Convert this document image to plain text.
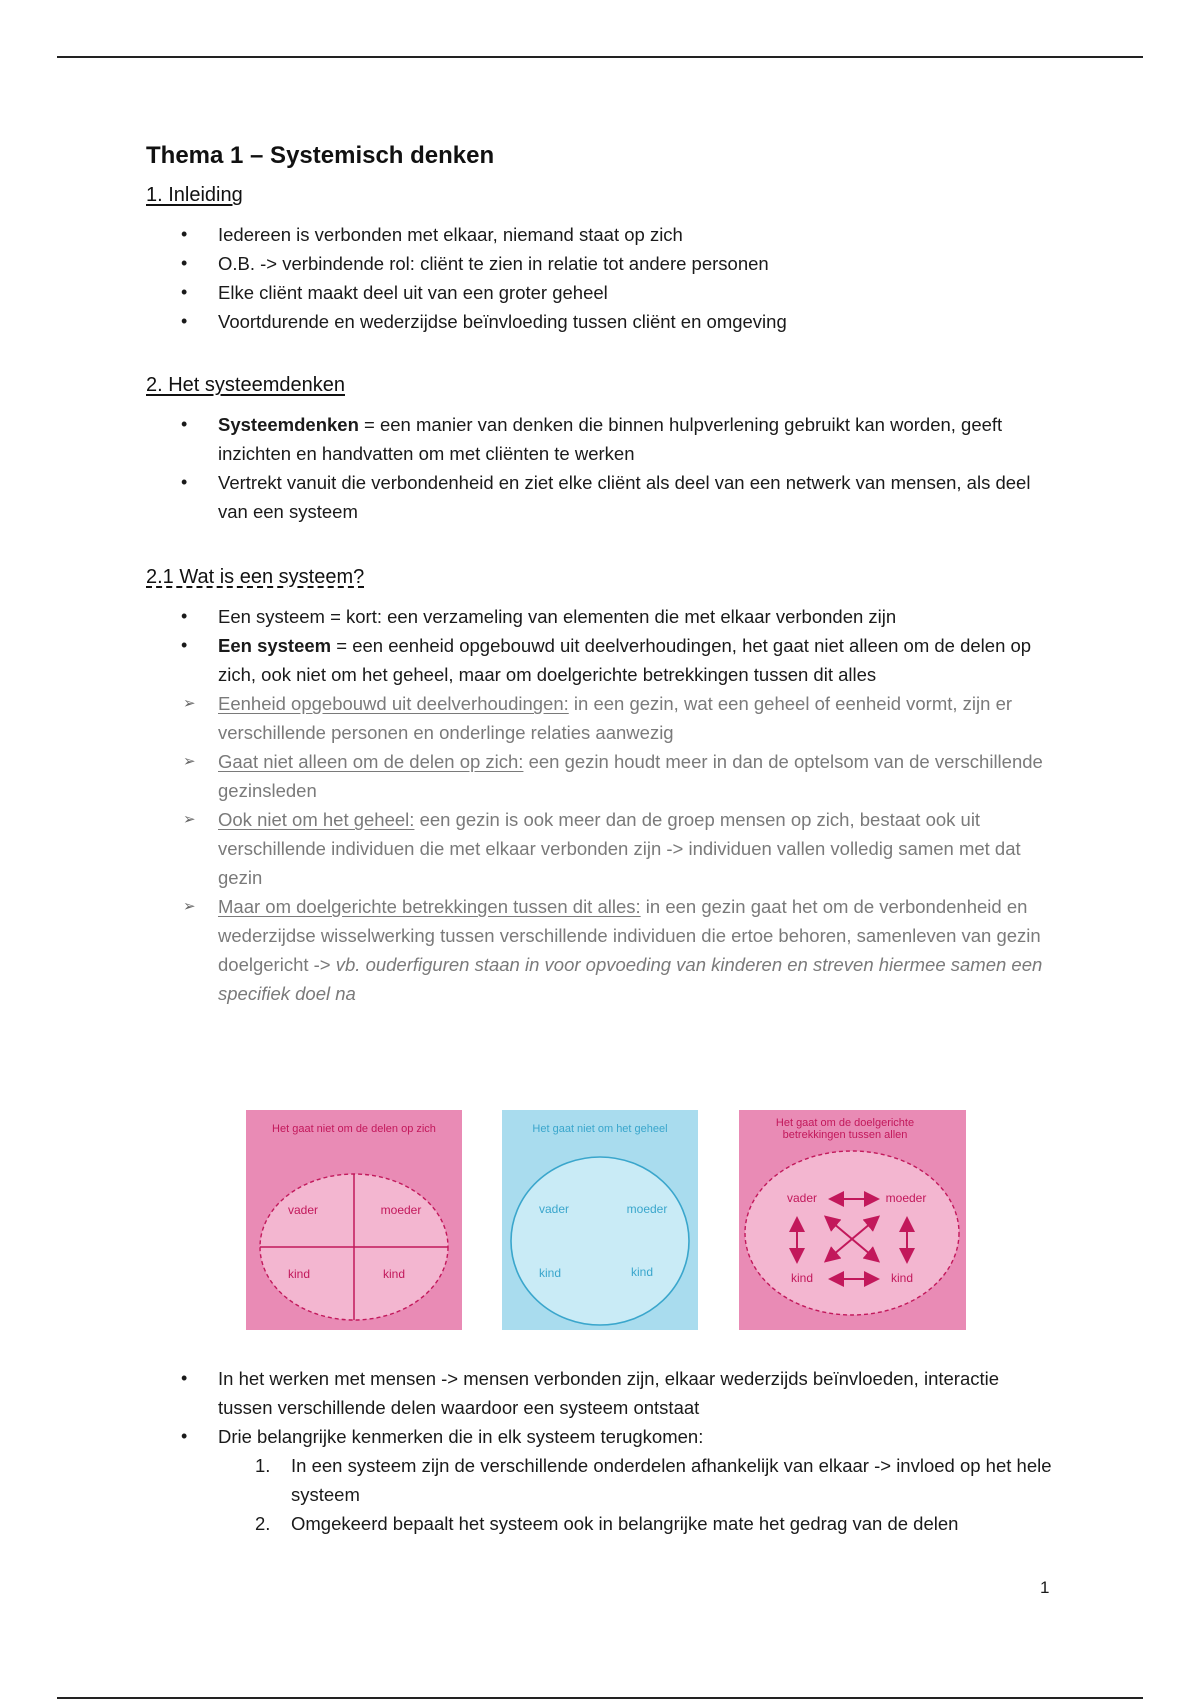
Thema 1 – Systemisch denken
1. Inleiding
• Iedereen is verbonden met elkaar, niemand staat op zich
• O.B. -> verbindende rol: cliënt te zien in relatie tot andere personen
• Elke cliënt maakt deel uit van een groter geheel
• Voortdurende en wederzijdse beïnvloeding tussen cliënt en omgeving
2. Het systeemdenken
• Systeemdenken = een manier van denken die binnen hulpverlening gebruikt kan worden, geeft inzichten en handvatten om met cliënten te werken
• Vertrekt vanuit die verbondenheid en ziet elke cliënt als deel van een netwerk van mensen, als deel van een systeem
2.1 Wat is een systeem?
• Een systeem = kort: een verzameling van elementen die met elkaar verbonden zijn
• Een systeem = een eenheid opgebouwd uit deelverhoudingen, het gaat niet alleen om de delen op zich, ook niet om het geheel, maar om doelgerichte betrekkingen tussen dit alles
➢ Eenheid opgebouwd uit deelverhoudingen: in een gezin, wat een geheel of eenheid vormt, zijn er verschillende personen en onderlinge relaties aanwezig
➢ Gaat niet alleen om de delen op zich: een gezin houdt meer in dan de optelsom van de verschillende gezinsleden
➢ Ook niet om het geheel: een gezin is ook meer dan de groep mensen op zich, bestaat ook uit verschillende individuen die met elkaar verbonden zijn -> individuen vallen volledig samen met dat gezin
➢ Maar om doelgerichte betrekkingen tussen dit alles: in een gezin gaat het om de verbondenheid en wederzijdse wisselwerking tussen verschillende individuen die ertoe behoren, samenleven van gezin doelgericht -> vb. ouderfiguren staan in voor opvoeding van kinderen en streven hiermee samen een specifiek doel na
Het gaat niet om de delen op zich
vader	moeder
kind	kind
Het gaat niet om het geheel
vader	moeder
kind	kind
Het gaat om de doelgerichte
betrekkingen tussen allen
vader	moeder
kind	kind
• In het werken met mensen -> mensen verbonden zijn, elkaar wederzijds beïnvloeden, interactie tussen verschillende delen waardoor een systeem ontstaat
• Drie belangrijke kenmerken die in elk systeem terugkomen:
1. In een systeem zijn de verschillende onderdelen afhankelijk van elkaar -> invloed op het hele systeem
2. Omgekeerd bepaalt het systeem ook in belangrijke mate het gedrag van de delen
1
